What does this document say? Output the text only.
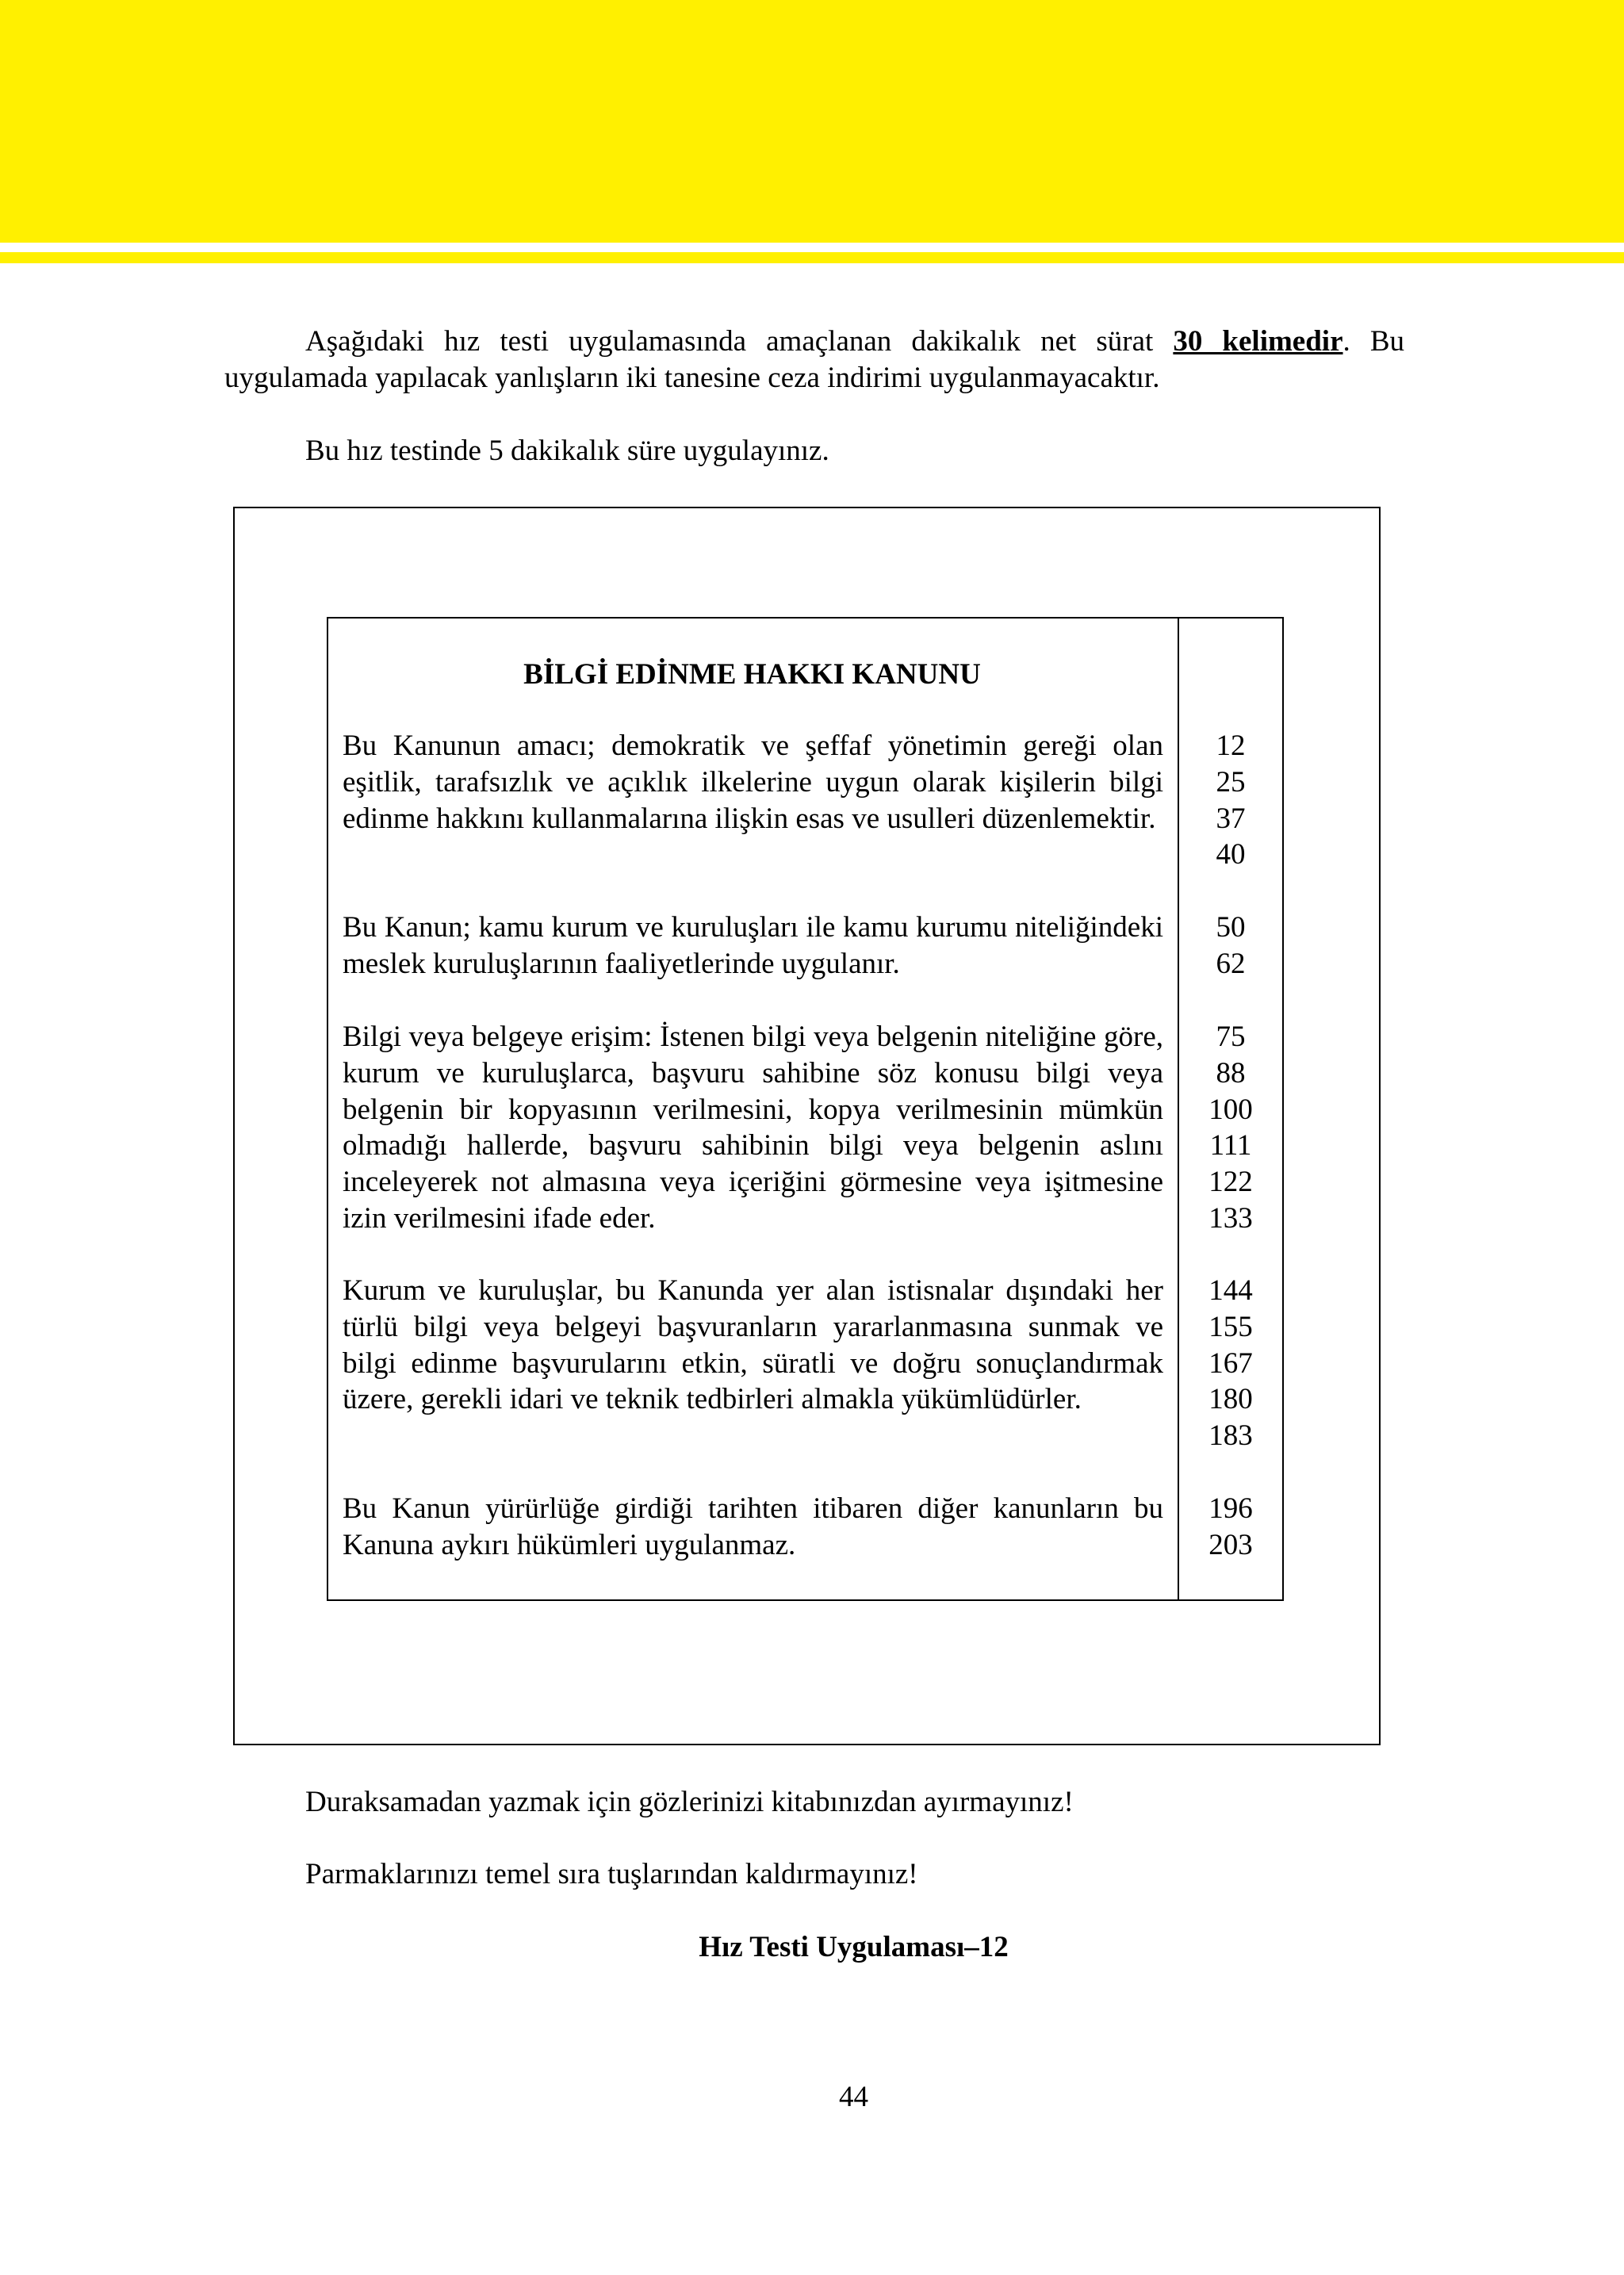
Aşağıdaki hız testi uygulamasında amaçlanan dakikalık net sürat 30 kelimedir. Bu uygulamada yapılacak yanlışların iki tanesine ceza indirimi uygulanmayacaktır.

Bu hız testinde 5 dakikalık süre uygulayınız.
BİLGİ EDİNME HAKKI KANUNU
Bu Kanunun amacı; demokratik ve şeffaf yönetimin gereği olan eşitlik, tarafsızlık ve açıklık ilkelerine uygun olarak kişilerin bilgi edinme hakkını kullanmalarına ilişkin esas ve usulleri düzenlemektir.
12
25
37
40
Bu Kanun; kamu kurum ve kuruluşları ile kamu kurumu niteliğindeki meslek kuruluşlarının faaliyetlerinde uygulanır.
50
62
Bilgi veya belgeye erişim: İstenen bilgi veya belgenin niteliğine göre, kurum ve kuruluşlarca, başvuru sahibine söz konusu bilgi veya belgenin bir kopyasının verilmesini, kopya verilmesinin mümkün olmadığı hallerde, başvuru sahibinin bilgi veya belgenin aslını inceleyerek not almasına veya içeriğini görmesine veya işitmesine izin verilmesini ifade eder.
75
88
100
111
122
133
Kurum ve kuruluşlar, bu Kanunda yer alan istisnalar dışındaki her türlü bilgi veya belgeyi başvuranların yararlanmasına sunmak ve bilgi edinme başvurularını etkin, süratli ve doğru sonuçlandırmak üzere, gerekli idari ve teknik tedbirleri almakla yükümlüdürler.
144
155
167
180
183
Bu Kanun yürürlüğe girdiği tarihten itibaren diğer kanunların bu Kanuna aykırı hükümleri uygulanmaz.
196
203
Duraksamadan yazmak için gözlerinizi kitabınızdan ayırmayınız!
Parmaklarınızı temel sıra tuşlarından kaldırmayınız!
Hız Testi Uygulaması–12
44
